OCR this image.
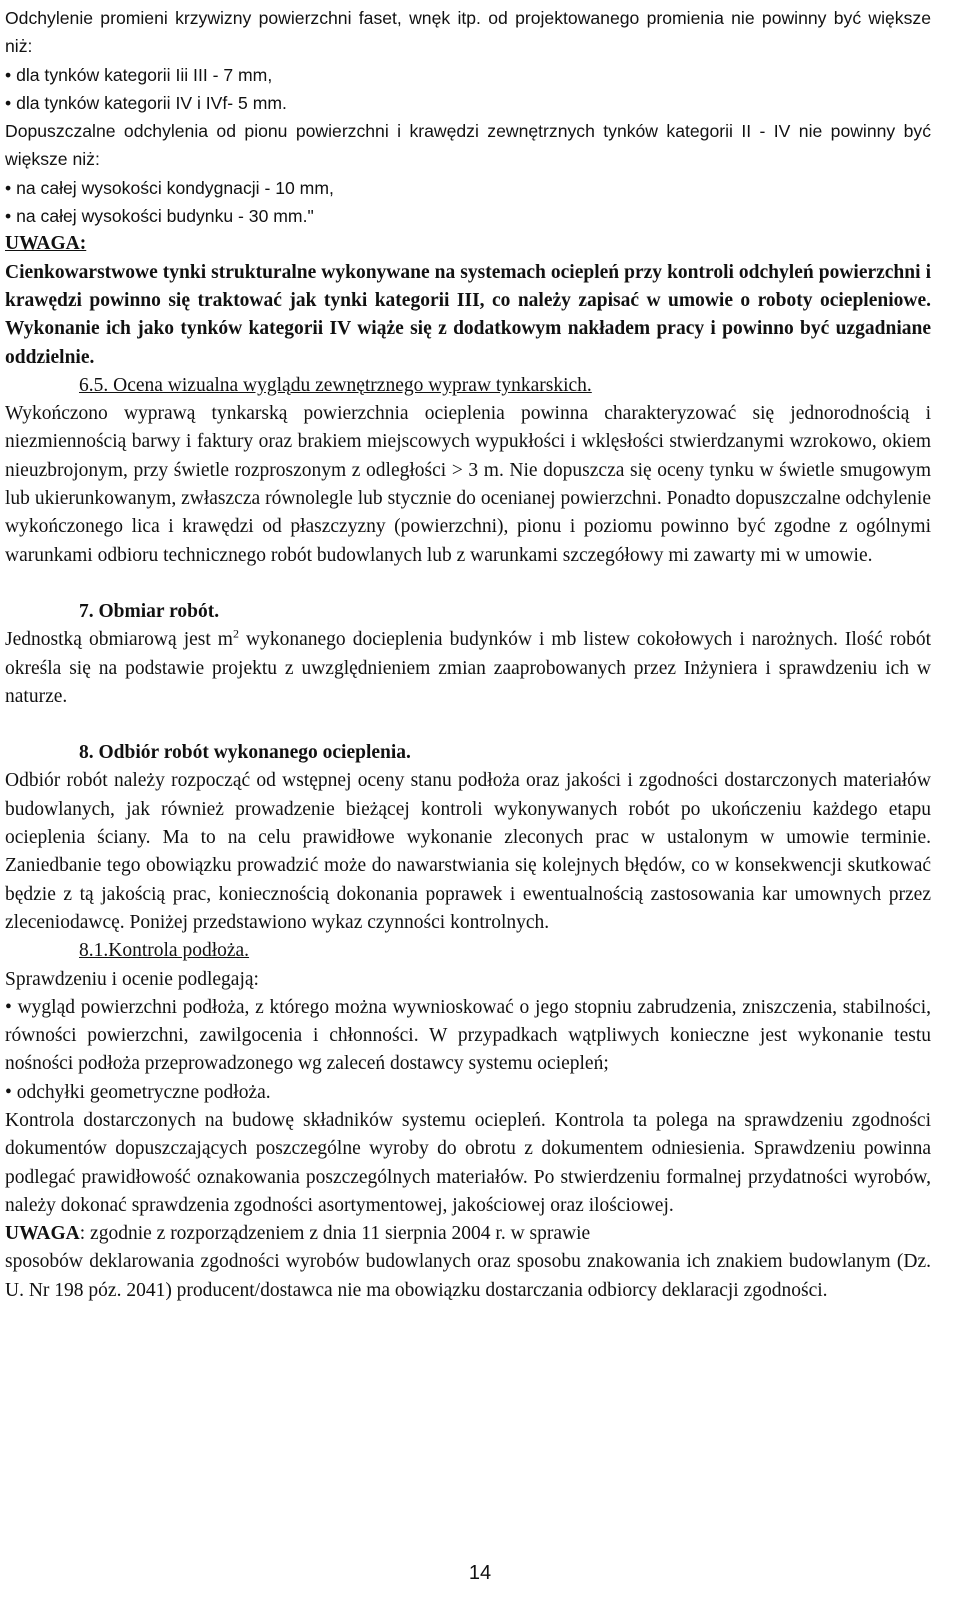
Odchylenie promieni krzywizny powierzchni faset, wnęk itp. od projektowanego promienia nie powinny być większe niż:

• dla tynków kategorii Iii III - 7 mm,

• dla tynków kategorii IV i IVf- 5 mm.

Dopuszczalne odchylenia od pionu powierzchni i krawędzi zewnętrznych tynków kategorii II - IV nie powinny być większe niż:

• na całej wysokości kondygnacji - 10 mm,

• na całej wysokości budynku - 30 mm."

UWAGA:

Cienkowarstwowe tynki strukturalne wykonywane na systemach ociepleń przy kontroli odchyleń powierzchni i krawędzi powinno się traktować jak tynki kategorii III, co należy zapisać w umowie o roboty ociepleniowe. Wykonanie ich jako tynków kategorii IV wiąże się z dodatkowym nakładem pracy i powinno być uzgadniane oddzielnie.

6.5. Ocena wizualna wyglądu zewnętrznego wypraw tynkarskich.

Wykończono wyprawą tynkarską powierzchnia ocieplenia powinna charakteryzować się jednorodnością i niezmiennością barwy i faktury oraz brakiem miejscowych wypukłości i wklęsłości stwierdzanymi wzrokowo, okiem nieuzbrojonym, przy świetle rozproszonym z odległości > 3 m. Nie dopuszcza się oceny tynku w świetle smugowym lub ukierunkowanym, zwłaszcza równolegle lub stycznie do ocenianej powierzchni. Ponadto dopuszczalne odchylenie wykończonego lica i krawędzi od płaszczyzny (powierzchni), pionu i poziomu powinno być zgodne z ogólnymi warunkami odbioru technicznego robót budowlanych lub z warunkami szczegółowy mi zawarty mi w umowie.

7. Obmiar robót.

Jednostką obmiarową jest $m^2$ wykonanego docieplenia budynków i mb listew cokołowych i narożnych. Ilość robót określa się na podstawie projektu z uwzględnieniem zmian zaaprobowanych przez Inżyniera i sprawdzeniu ich w naturze.

8. Odbiór robót wykonanego ocieplenia.

Odbiór robót należy rozpocząć od wstępnej oceny stanu podłoża oraz jakości i zgodności dostarczonych materiałów budowlanych, jak również prowadzenie bieżącej kontroli wykonywanych robót po ukończeniu każdego etapu ocieplenia ściany. Ma to na celu prawidłowe wykonanie zleconych prac w ustalonym w umowie terminie. Zaniedbanie tego obowiązku prowadzić może do nawarstwiania się kolejnych błędów, co w konsekwencji skutkować będzie z tą jakością prac, koniecznością dokonania poprawek i ewentualnością zastosowania kar umownych przez zleceniodawcę. Poniżej przedstawiono wykaz czynności kontrolnych.

8.1.Kontrola podłoża.

Sprawdzeniu i ocenie podlegają:

• wygląd powierzchni podłoża, z którego można wywnioskować o jego stopniu zabrudzenia, zniszczenia, stabilności, równości powierzchni, zawilgocenia i chłonności. W przypadkach wątpliwych konieczne jest wykonanie testu nośności podłoża przeprowadzonego wg zaleceń dostawcy systemu ociepleń;

• odchyłki geometryczne podłoża.

Kontrola dostarczonych na budowę składników systemu ociepleń. Kontrola ta polega na sprawdzeniu zgodności dokumentów dopuszczających poszczególne wyroby do obrotu z dokumentem odniesienia. Sprawdzeniu powinna podlegać prawidłowość oznakowania poszczególnych materiałów. Po stwierdzeniu formalnej przydatności wyrobów, należy dokonać sprawdzenia zgodności asortymentowej, jakościowej oraz ilościowej.

UWAGA: zgodnie z rozporządzeniem z dnia 11 sierpnia 2004 r. w sprawie

sposobów deklarowania zgodności wyrobów budowlanych oraz sposobu znakowania ich znakiem budowlanym (Dz. U. Nr 198 póz. 2041) producent/dostawca nie ma obowiązku dostarczania odbiorcy deklaracji zgodności.

14
